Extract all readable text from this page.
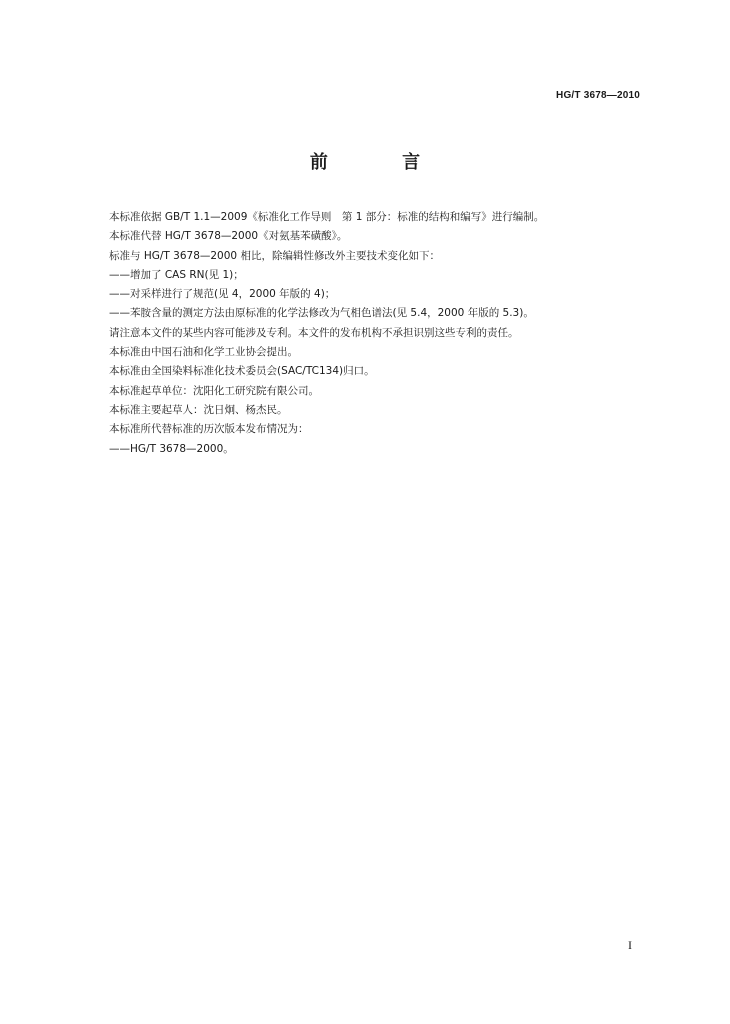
HG/T 3678—2010
前 言

本标准依据 GB/T 1.1—2009《标准化工作导则　第 1 部分：标准的结构和编写》进行编制。

本标准代替 HG/T 3678—2000《对氨基苯磺酸》。

标准与 HG/T 3678—2000 相比，除编辑性修改外主要技术变化如下：

——增加了 CAS RN(见 1)；

——对采样进行了规范(见 4，2000 年版的 4)；

——苯胺含量的测定方法由原标准的化学法修改为气相色谱法(见 5.4，2000 年版的 5.3)。

请注意本文件的某些内容可能涉及专利。本文件的发布机构不承担识别这些专利的责任。

本标准由中国石油和化学工业协会提出。

本标准由全国染料标准化技术委员会(SAC/TC134)归口。

本标准起草单位：沈阳化工研究院有限公司。

本标准主要起草人：沈日炯、杨杰民。

本标准所代替标准的历次版本发布情况为：

——HG/T 3678—2000。

I
